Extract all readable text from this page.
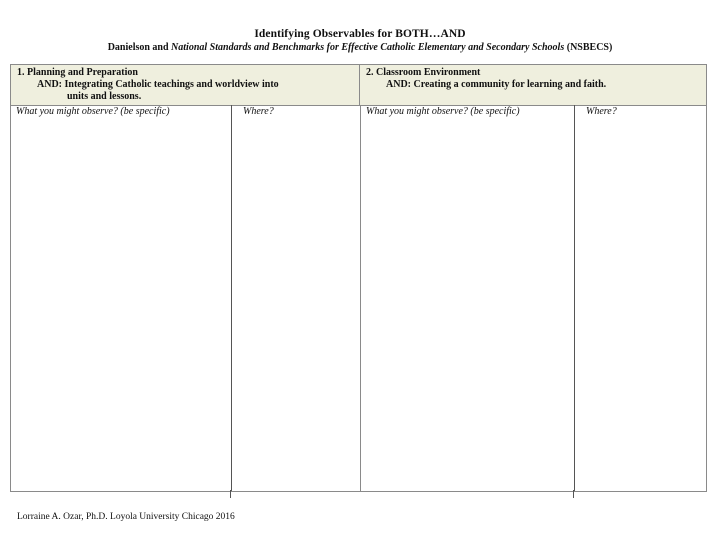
Identifying Observables for BOTH…AND
Danielson and National Standards and Benchmarks for Effective Catholic Elementary and Secondary Schools (NSBECS)
1. Planning and Preparation
AND: Integrating Catholic teachings and worldview into
units and lessons.
2. Classroom Environment
AND: Creating a community for learning and faith.
What you might observe? (be specific)	Where?	What you might observe? (be specific)	Where?
Lorraine A. Ozar, Ph.D. Loyola University Chicago 2016
